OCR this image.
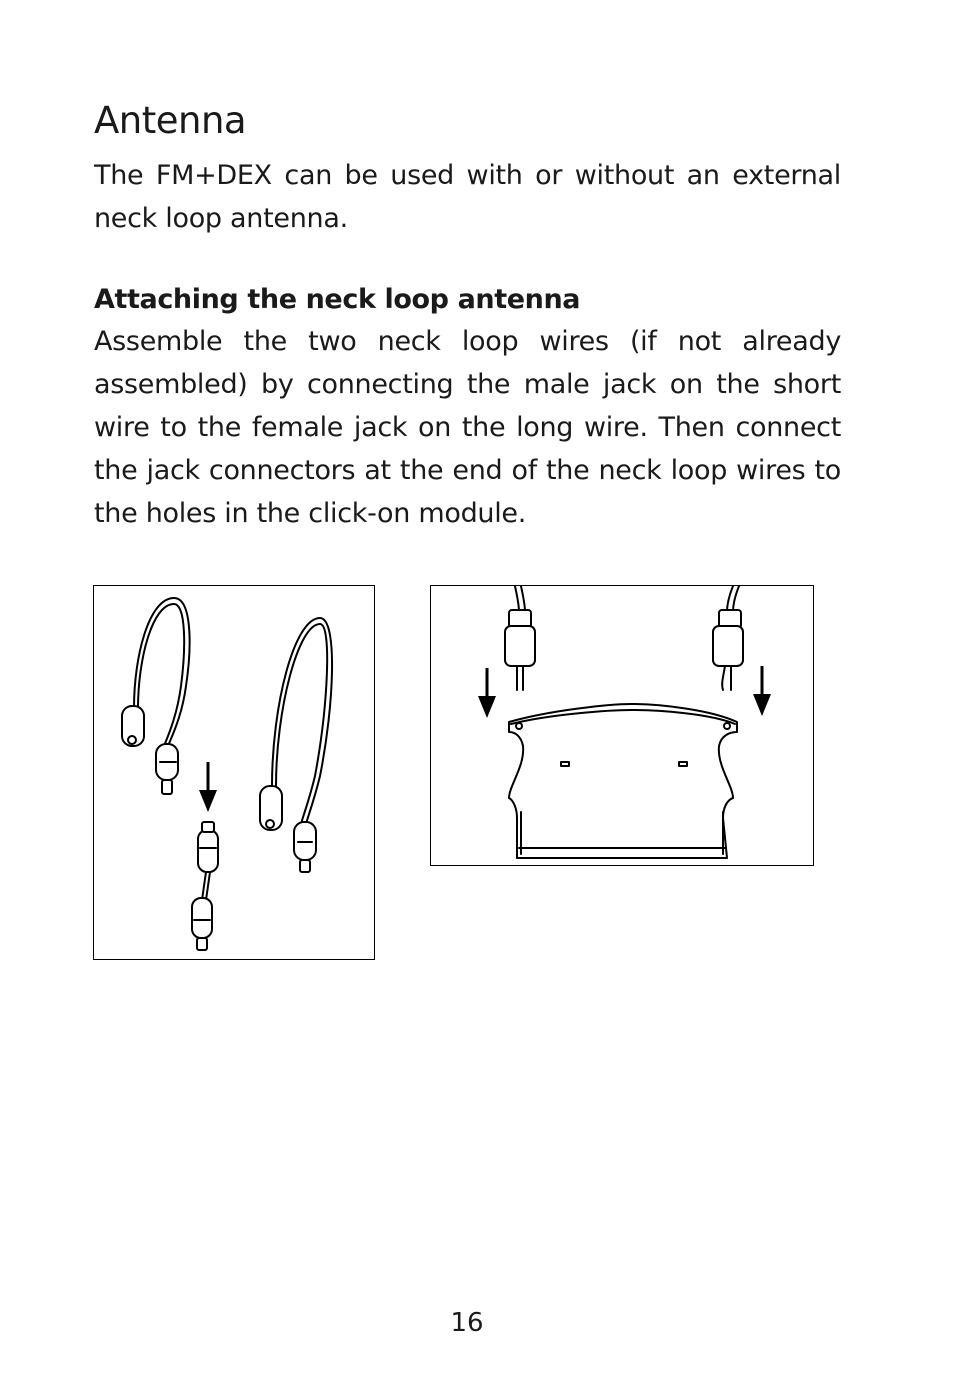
Antenna

The FM+DEX can be used with or without an external neck loop antenna.

Attaching the neck loop antenna

Assemble the two neck loop wires (if not already assembled) by connecting the male jack on the short wire to the female jack on the long wire. Then connect the jack connectors at the end of the neck loop wires to the holes in the click-on module.

16
